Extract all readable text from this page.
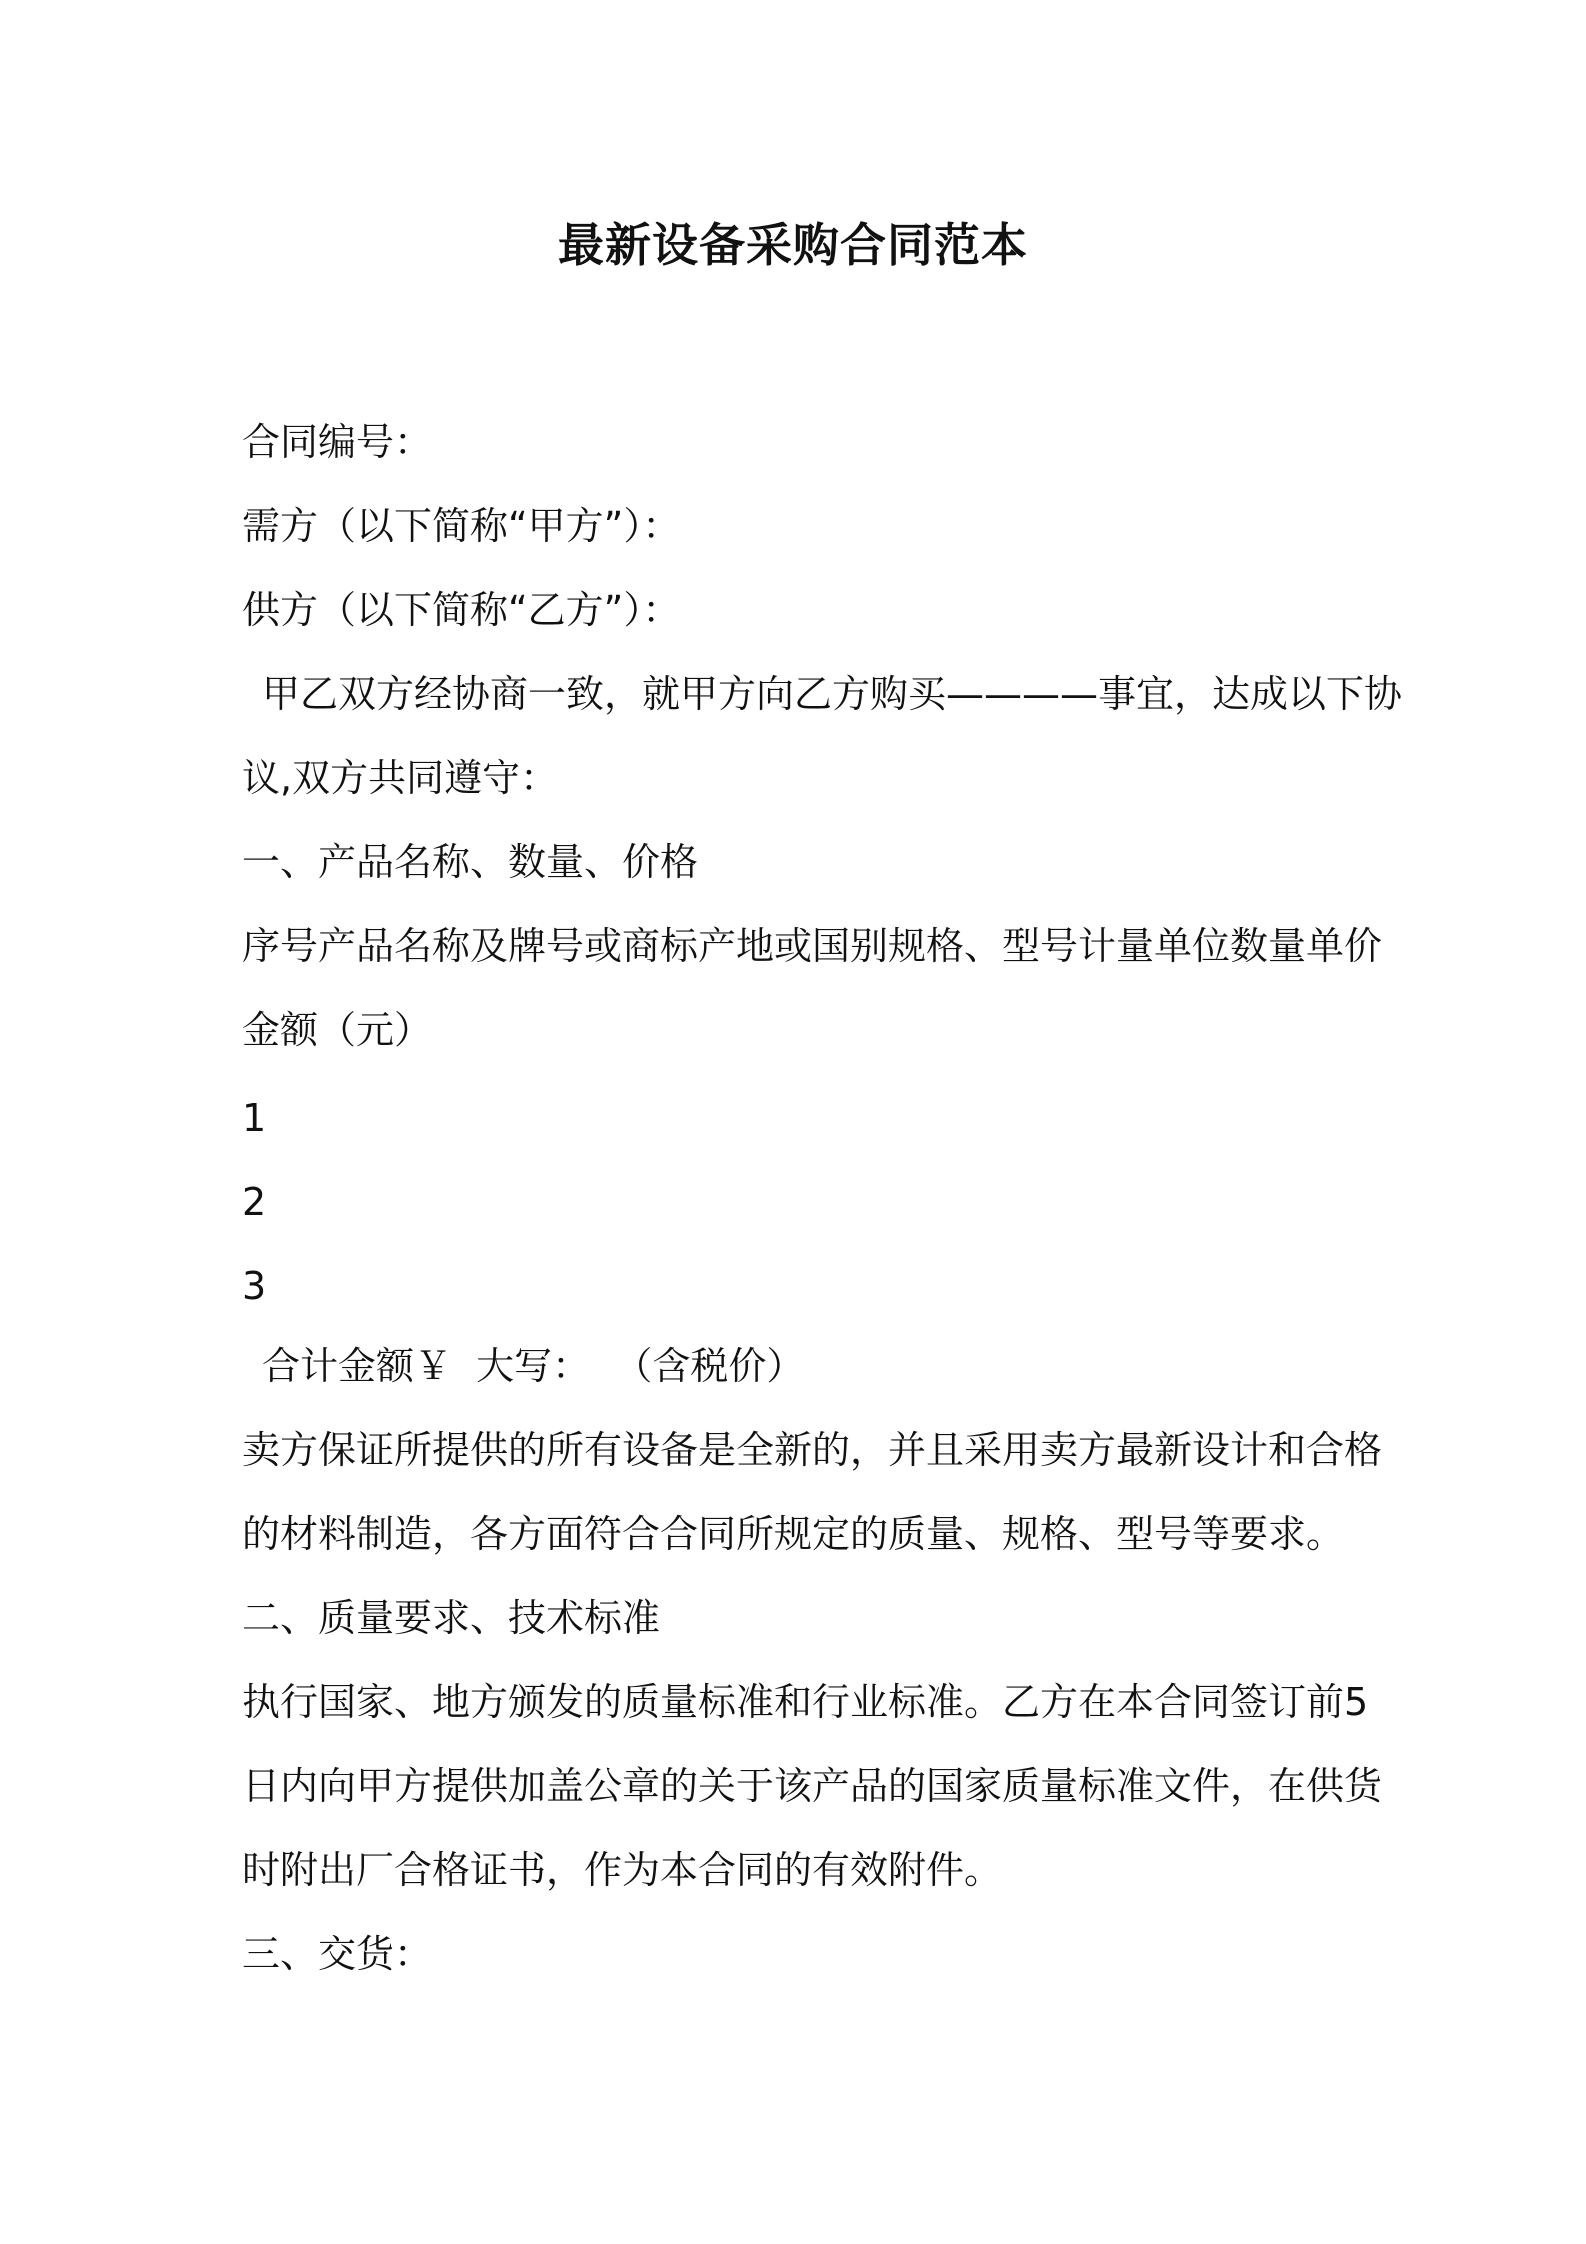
最新设备采购合同范本
合同编号：
需方（以下简称“甲方”）：
供方（以下简称“乙方”）：
甲乙双方经协商一致，就甲方向乙方购买————事宜，达成以下协
议,双方共同遵守：
一、产品名称、数量、价格
序号产品名称及牌号或商标产地或国别规格、型号计量单位数量单价
金额（元）
1
2
3
合计金额￥  大写：  （含税价）
卖方保证所提供的所有设备是全新的，并且采用卖方最新设计和合格
的材料制造，各方面符合合同所规定的质量、规格、型号等要求。
二、质量要求、技术标准
执行国家、地方颁发的质量标准和行业标准。乙方在本合同签订前5
日内向甲方提供加盖公章的关于该产品的国家质量标准文件，在供货
时附出厂合格证书，作为本合同的有效附件。
三、交货：
